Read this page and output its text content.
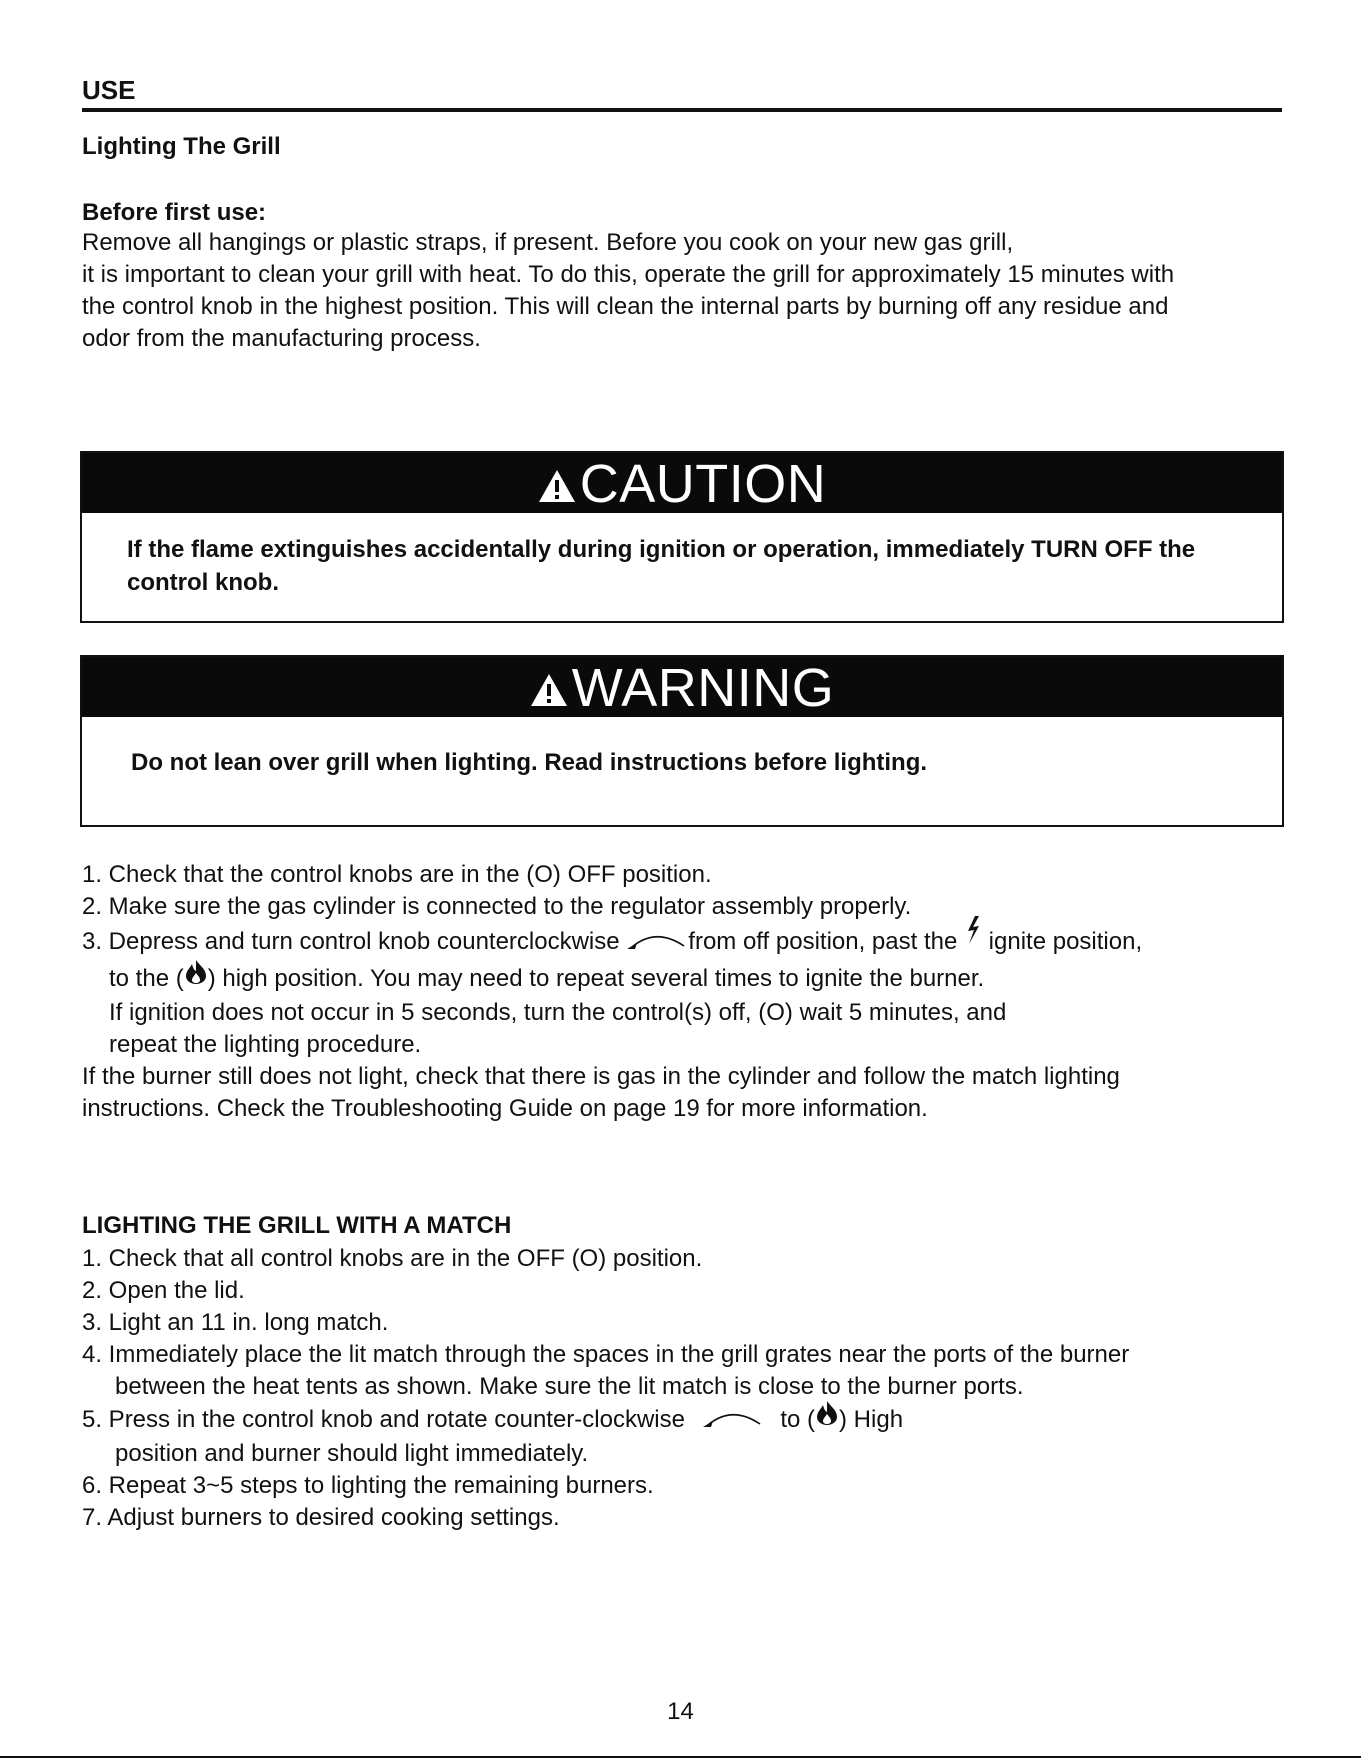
USE
Lighting The Grill
Before first use:
Remove all hangings or plastic straps, if present. Before you cook on your new gas grill,
it is important to clean your grill with heat. To do this, operate the grill for approximately 15 minutes with
the control knob in the highest position. This will clean the internal parts by burning off any residue and
odor from the manufacturing process.
CAUTION
If the flame extinguishes accidentally during ignition or operation, immediately TURN OFF the
control knob.
WARNING
Do not lean over grill when lighting. Read instructions before lighting.
1. Check that the control knobs are in the (O) OFF position.
2. Make sure the gas cylinder is connected to the regulator assembly properly.
3. Depress and turn control knob counterclockwise	from off position, past the ignite position,
to the ( ) high position. You may need to repeat several times to ignite the burner.
If ignition does not occur in 5 seconds, turn the control(s) off, (O) wait 5 minutes, and
repeat the lighting procedure.
If the burner still does not light, check that there is gas in the cylinder and follow the match lighting
instructions. Check the Troubleshooting Guide on page 19 for more information.
LIGHTING THE GRILL WITH A MATCH
1. Check that all control knobs are in the OFF (O) position.
2. Open the lid.
3. Light an 11 in. long match.
4. Immediately place the lit match through the spaces in the grill grates near the ports of the burner
between the heat tents as shown. Make sure the lit match is close to the burner ports.
5. Press in the control knob and rotate counter-clockwise	to ( ) High
position and burner should light immediately.
6. Repeat 3~5 steps to lighting the remaining burners.
7. Adjust burners to desired cooking settings.
14
